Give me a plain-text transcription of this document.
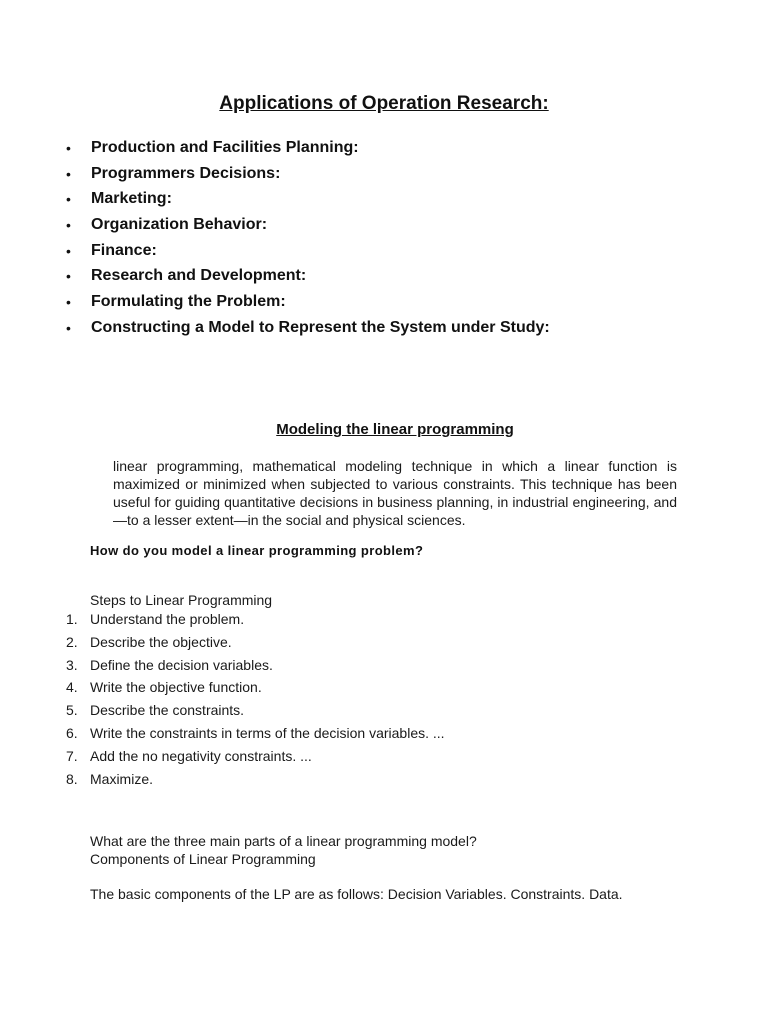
Applications of Operation Research:
• Production and Facilities Planning:
• Programmers Decisions:
• Marketing:
• Organization Behavior:
• Finance:
• Research and Development:
• Formulating the Problem:
• Constructing a Model to Represent the System under Study:
Modeling the linear programming

linear programming, mathematical modeling technique in which a linear function is maximized or minimized when subjected to various constraints. This technique has been useful for guiding quantitative decisions in business planning, in industrial engineering, and—to a lesser extent—in the social and physical sciences.

How do you model a linear programming problem?

Steps to Linear Programming

1. Understand the problem.
2. Describe the objective.
3. Define the decision variables.
4. Write the objective function.
5. Describe the constraints.
6. Write the constraints in terms of the decision variables. ...
7. Add the no negativity constraints. ...
8. Maximize.

What are the three main parts of a linear programming model?

Components of Linear Programming

The basic components of the LP are as follows: Decision Variables. Constraints. Data.
